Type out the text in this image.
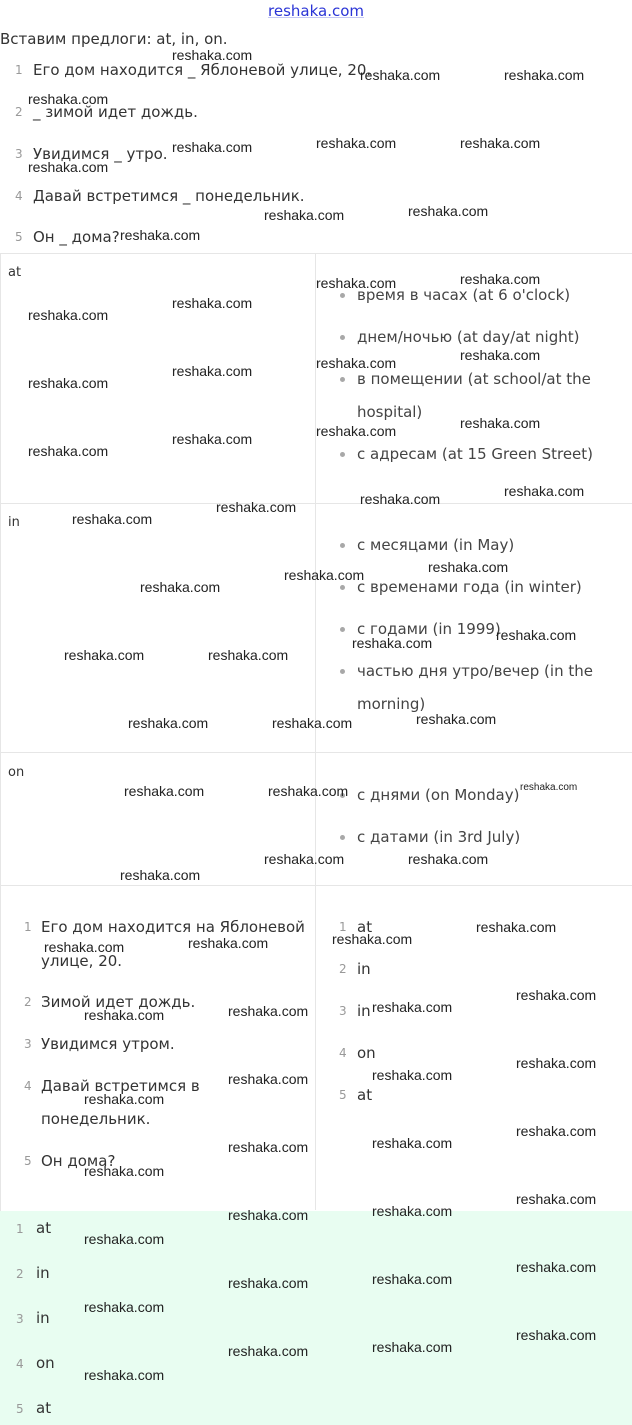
reshaka.com
Вставим предлоги: at, in, on.
1 Его дом находится _ Яблоневой улице, 20.
2 _ зимой идет дождь.
3 Увидимся _ утро.
4 Давай встретимся _ понедельник.
5 Он _ дома?
at
время в часах (at 6 o'clock)
днем/ночью (at day/at night)
в помещении (at school/at the
hospital)
с адресам (at 15 Green Street)
in
с месяцами (in May)
с временами года (in winter)
с годами (in 1999)
частью дня утро/вечер (in the
morning)
on
с днями (on Monday)
с датами (in 3rd July)
1 Его дом находится на Яблоневой
улице, 20.
2 Зимой идет дождь.
3 Увидимся утром.
4 Давай встретимся в
понедельник.
5 Он дома?
1 at
2 in
3 in
4 on
5 at
1 at
2 in
3 in
4 on
5 at
reshaka.com
reshaka.com	reshaka.com
reshaka.com
reshaka.com	reshaka.com
reshaka.com
reshaka.com
reshaka.com
reshaka.com
reshaka.com
reshaka.com
reshaka.com
reshaka.com
reshaka.com
reshaka.com
reshaka.com
reshaka.com
reshaka.com
reshaka.com
reshaka.com
reshaka.com
reshaka.com
reshaka.com
reshaka.com
reshaka.com
reshaka.com
reshaka.com
reshaka.com
reshaka.com
reshaka.com
reshaka.com
reshaka.com
reshaka.com
reshaka.com
reshaka.com
reshaka.com
reshaka.com
reshaka.com
reshaka.com
reshaka.com
reshaka.com
reshaka.com
reshaka.com
reshaka.com
reshaka.com
reshaka.com
reshaka.com
reshaka.com
reshaka.com
reshaka.com
reshaka.com
reshaka.com
reshaka.com
reshaka.com
reshaka.com
reshaka.com
reshaka.com
reshaka.com
reshaka.com
reshaka.com
reshaka.com
reshaka.com
reshaka.com
reshaka.com
reshaka.com
reshaka.com
reshaka.com
reshaka.com
reshaka.com
reshaka.com
